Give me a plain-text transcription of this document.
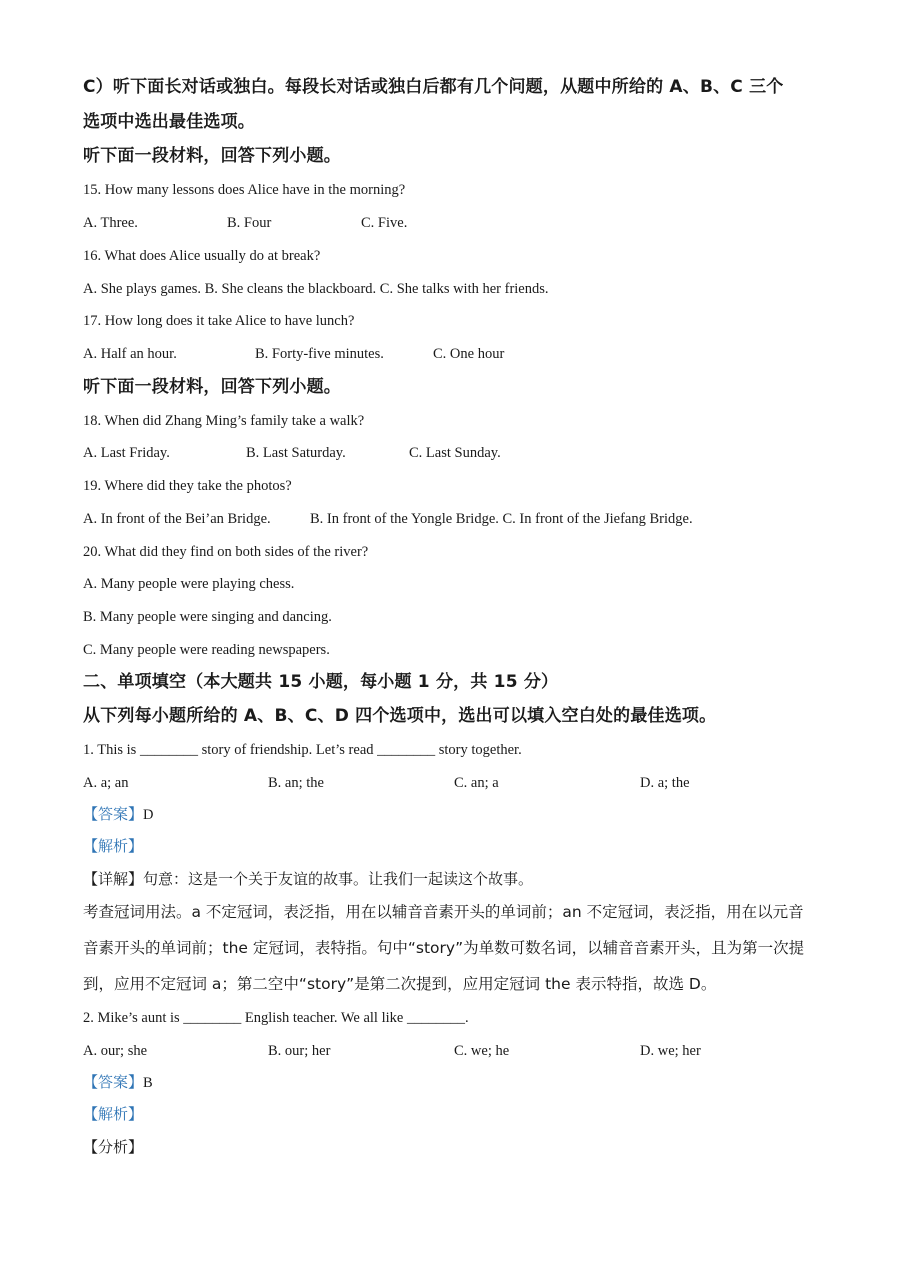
C）听下面长对话或独白。每段长对话或独白后都有几个问题，从题中所给的 A、B、C 三个
选项中选出最佳选项。
听下面一段材料，回答下列小题。
15. How many lessons does Alice have in the morning?
A. Three.	B. Four	C. Five.
16. What does Alice usually do at break?
A. She plays games. B. She cleans the blackboard. C. She talks with her friends.
17. How long does it take Alice to have lunch?
A. Half an hour.	B. Forty-five minutes.	C. One hour
听下面一段材料，回答下列小题。
18. When did Zhang Ming’s family take a walk?
A. Last Friday.	B. Last Saturday.	C. Last Sunday.
19. Where did they take the photos?
A. In front of the Bei’an Bridge.	B. In front of the Yongle Bridge. C. In front of the Jiefang Bridge.
20. What did they find on both sides of the river?
A. Many people were playing chess.
B. Many people were singing and dancing.
C. Many people were reading newspapers.
二、单项填空（本大题共 15 小题，每小题 1 分，共 15 分）
从下列每小题所给的 A、B、C、D 四个选项中，选出可以填入空白处的最佳选项。
1. This is ________ story of friendship. Let’s read ________ story together.
A. a; an	B. an; the	C. an; a	D. a; the
【答案】D
【解析】
【详解】句意：这是一个关于友谊的故事。让我们一起读这个故事。
考查冠词用法。a 不定冠词，表泛指，用在以辅音音素开头的单词前；an 不定冠词，表泛指，用在以元音
音素开头的单词前；the 定冠词，表特指。句中“story”为单数可数名词，以辅音音素开头，且为第一次提
到，应用不定冠词 a；第二空中“story”是第二次提到，应用定冠词 the 表示特指，故选 D。
2. Mike’s aunt is ________ English teacher. We all like ________.
A. our; she	B. our; her	C. we; he	D. we; her
【答案】B
【解析】
【分析】
